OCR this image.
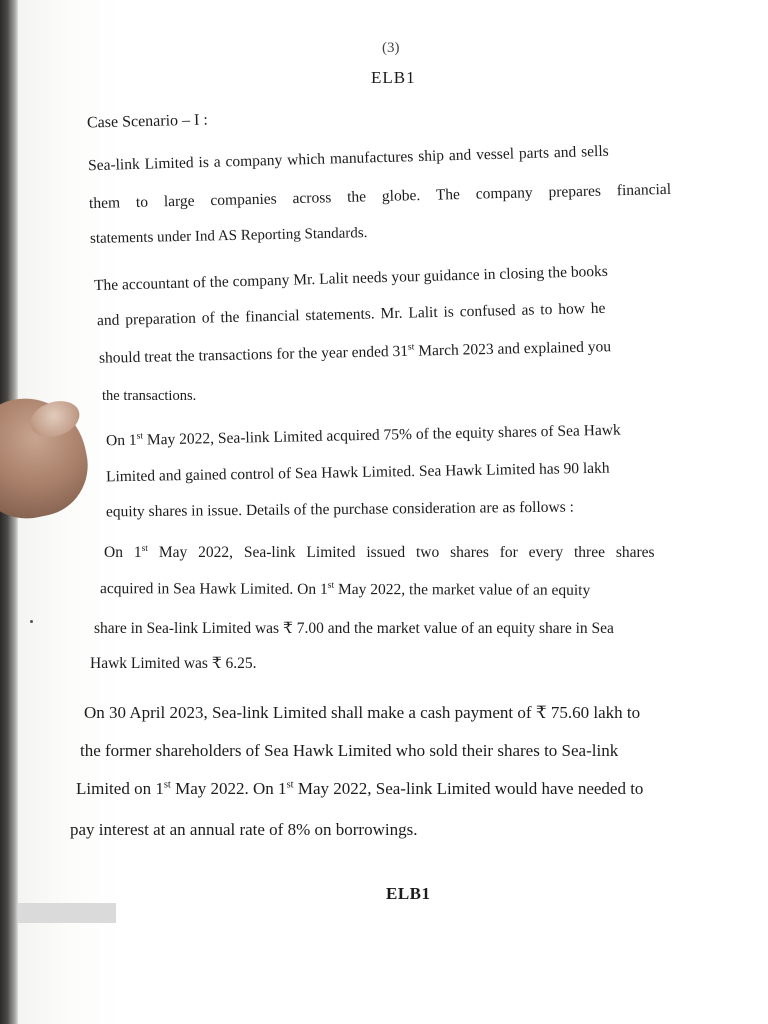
(3)
ELB1
Case Scenario – I :
Sea-link Limited is a company which manufactures ship and vessel parts and sells
them to large companies across the globe. The company prepares financial
statements under Ind AS Reporting Standards.
The accountant of the company Mr. Lalit needs your guidance in closing the books
and preparation of the financial statements. Mr. Lalit is confused as to how he
should treat the transactions for the year ended 31st March 2023 and explained you
the transactions.
On 1st May 2022, Sea-link Limited acquired 75% of the equity shares of Sea Hawk
Limited and gained control of Sea Hawk Limited. Sea Hawk Limited has 90 lakh
equity shares in issue. Details of the purchase consideration are as follows :
On 1st May 2022, Sea-link Limited issued two shares for every three shares
acquired in Sea Hawk Limited. On 1st May 2022, the market value of an equity
share in Sea-link Limited was ₹ 7.00 and the market value of an equity share in Sea
Hawk Limited was ₹ 6.25.
On 30 April 2023, Sea-link Limited shall make a cash payment of ₹ 75.60 lakh to
the former shareholders of Sea Hawk Limited who sold their shares to Sea-link
Limited on 1st May 2022. On 1st May 2022, Sea-link Limited would have needed to
pay interest at an annual rate of 8% on borrowings.
ELB1
